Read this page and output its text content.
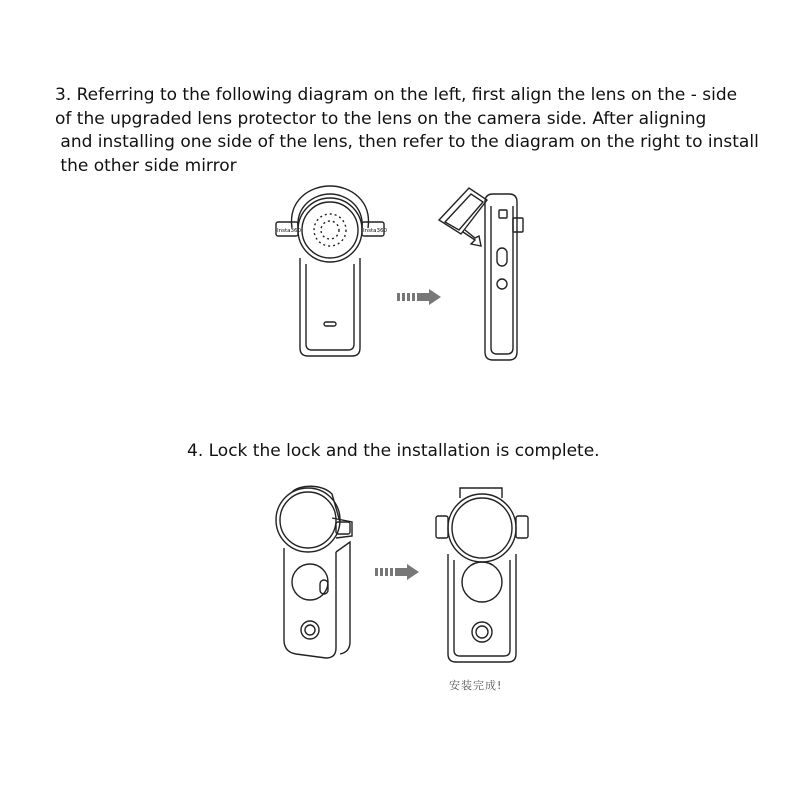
3. Referring to the following diagram on the left, first align the lens on the - side
of the upgraded lens protector to the lens on the camera side. After aligning
and installing one side of the lens, then refer to the diagram on the right to install
the other side mirror

Insta360	Insta360

4. Lock the lock and the installation is complete.

安装完成!
